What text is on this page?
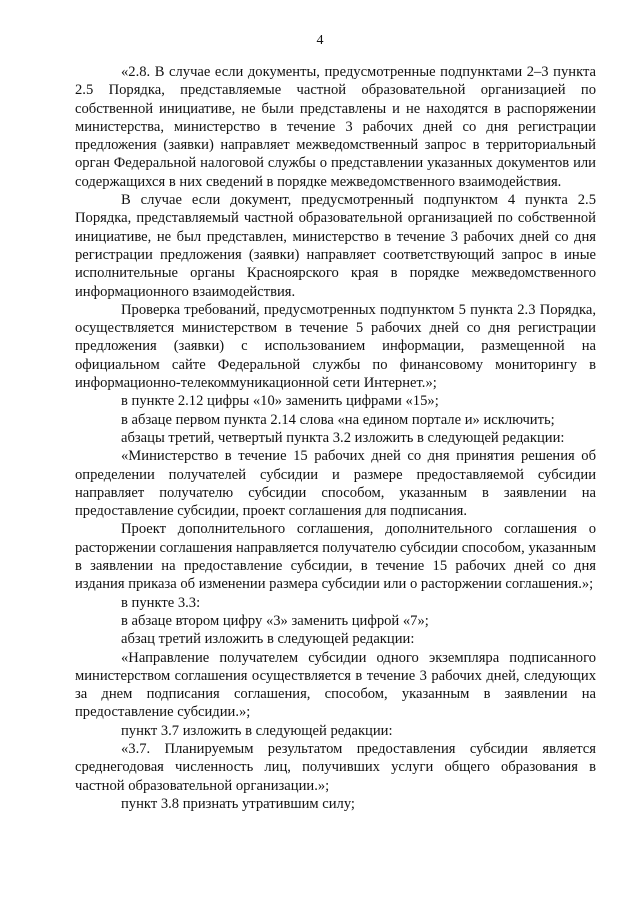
4

«2.8. В случае если документы, предусмотренные подпунктами 2–3 пункта 2.5 Порядка, представляемые частной образовательной организацией по собственной инициативе, не были представлены и не находятся в распоряжении министерства, министерство в течение 3 рабочих дней со дня регистрации предложения (заявки) направляет межведомственный запрос в территориальный орган Федеральной налоговой службы о представлении указанных документов или содержащихся в них сведений в порядке межведомственного взаимодействия.

В случае если документ, предусмотренный подпунктом 4 пункта 2.5 Порядка, представляемый частной образовательной организацией по собственной инициативе, не был представлен, министерство в течение 3 рабочих дней со дня регистрации предложения (заявки) направляет соответствующий запрос в иные исполнительные органы Красноярского края в порядке межведомственного информационного взаимодействия.

Проверка требований, предусмотренных подпунктом 5 пункта 2.3 Порядка, осуществляется министерством в течение 5 рабочих дней со дня регистрации предложения (заявки) с использованием информации, размещенной на официальном сайте Федеральной службы по финансовому мониторингу в информационно-телекоммуникационной сети Интернет.»;

в пункте 2.12 цифры «10» заменить цифрами «15»;

в абзаце первом пункта 2.14 слова «на едином портале и» исключить;

абзацы третий, четвертый пункта 3.2 изложить в следующей редакции:

«Министерство в течение 15 рабочих дней со дня принятия решения об определении получателей субсидии и размере предоставляемой субсидии направляет получателю субсидии способом, указанным в заявлении на предоставление субсидии, проект соглашения для подписания.

Проект дополнительного соглашения, дополнительного соглашения о расторжении соглашения направляется получателю субсидии способом, указанным в заявлении на предоставление субсидии, в течение 15 рабочих дней со дня издания приказа об изменении размера субсидии или о расторжении соглашения.»;

в пункте 3.3:

в абзаце втором цифру «3» заменить цифрой «7»;

абзац третий изложить в следующей редакции:

«Направление получателем субсидии одного экземпляра подписанного министерством соглашения осуществляется в течение 3 рабочих дней, следующих за днем подписания соглашения, способом, указанным в заявлении на предоставление субсидии.»;

пункт 3.7 изложить в следующей редакции:

«3.7. Планируемым результатом предоставления субсидии является среднегодовая численность лиц, получивших услуги общего образования в частной образовательной организации.»;

пункт 3.8 признать утратившим силу;
